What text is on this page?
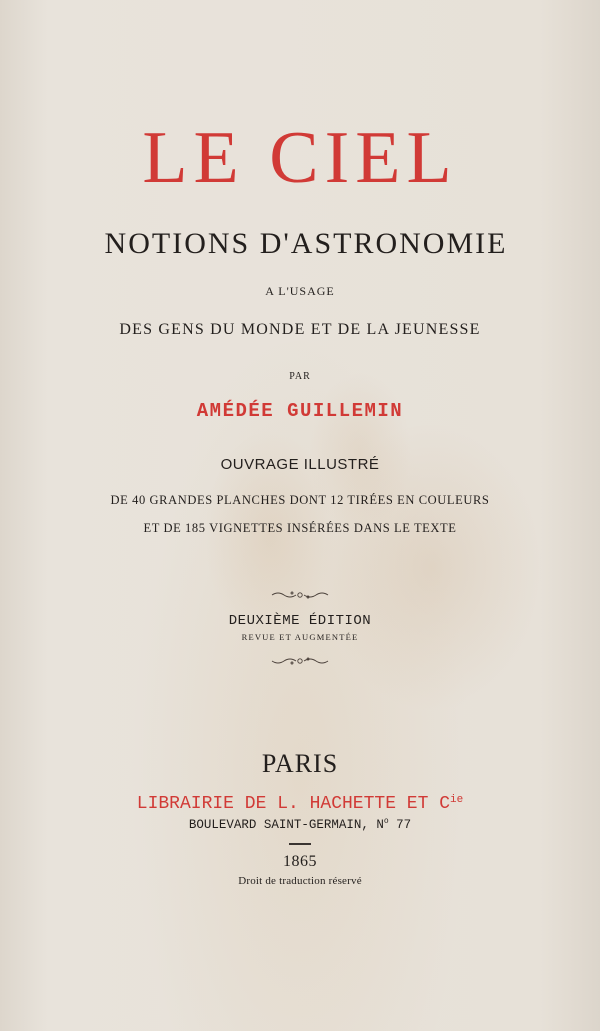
LE CIEL
NOTIONS D'ASTRONOMIE
A L'USAGE
DES GENS DU MONDE ET DE LA JEUNESSE
PAR
AMÉDÉE GUILLEMIN
OUVRAGE ILLUSTRÉ
DE 40 GRANDES PLANCHES DONT 12 TIRÉES EN COULEURS
ET DE 185 VIGNETTES INSÉRÉES DANS LE TEXTE
DEUXIÈME ÉDITION
REVUE ET AUGMENTÉE
PARIS
LIBRAIRIE DE L. HACHETTE ET $C^{ie}$
BOULEVARD SAINT-GERMAIN, $N^o$ 77
1865
Droit de traduction réservé
